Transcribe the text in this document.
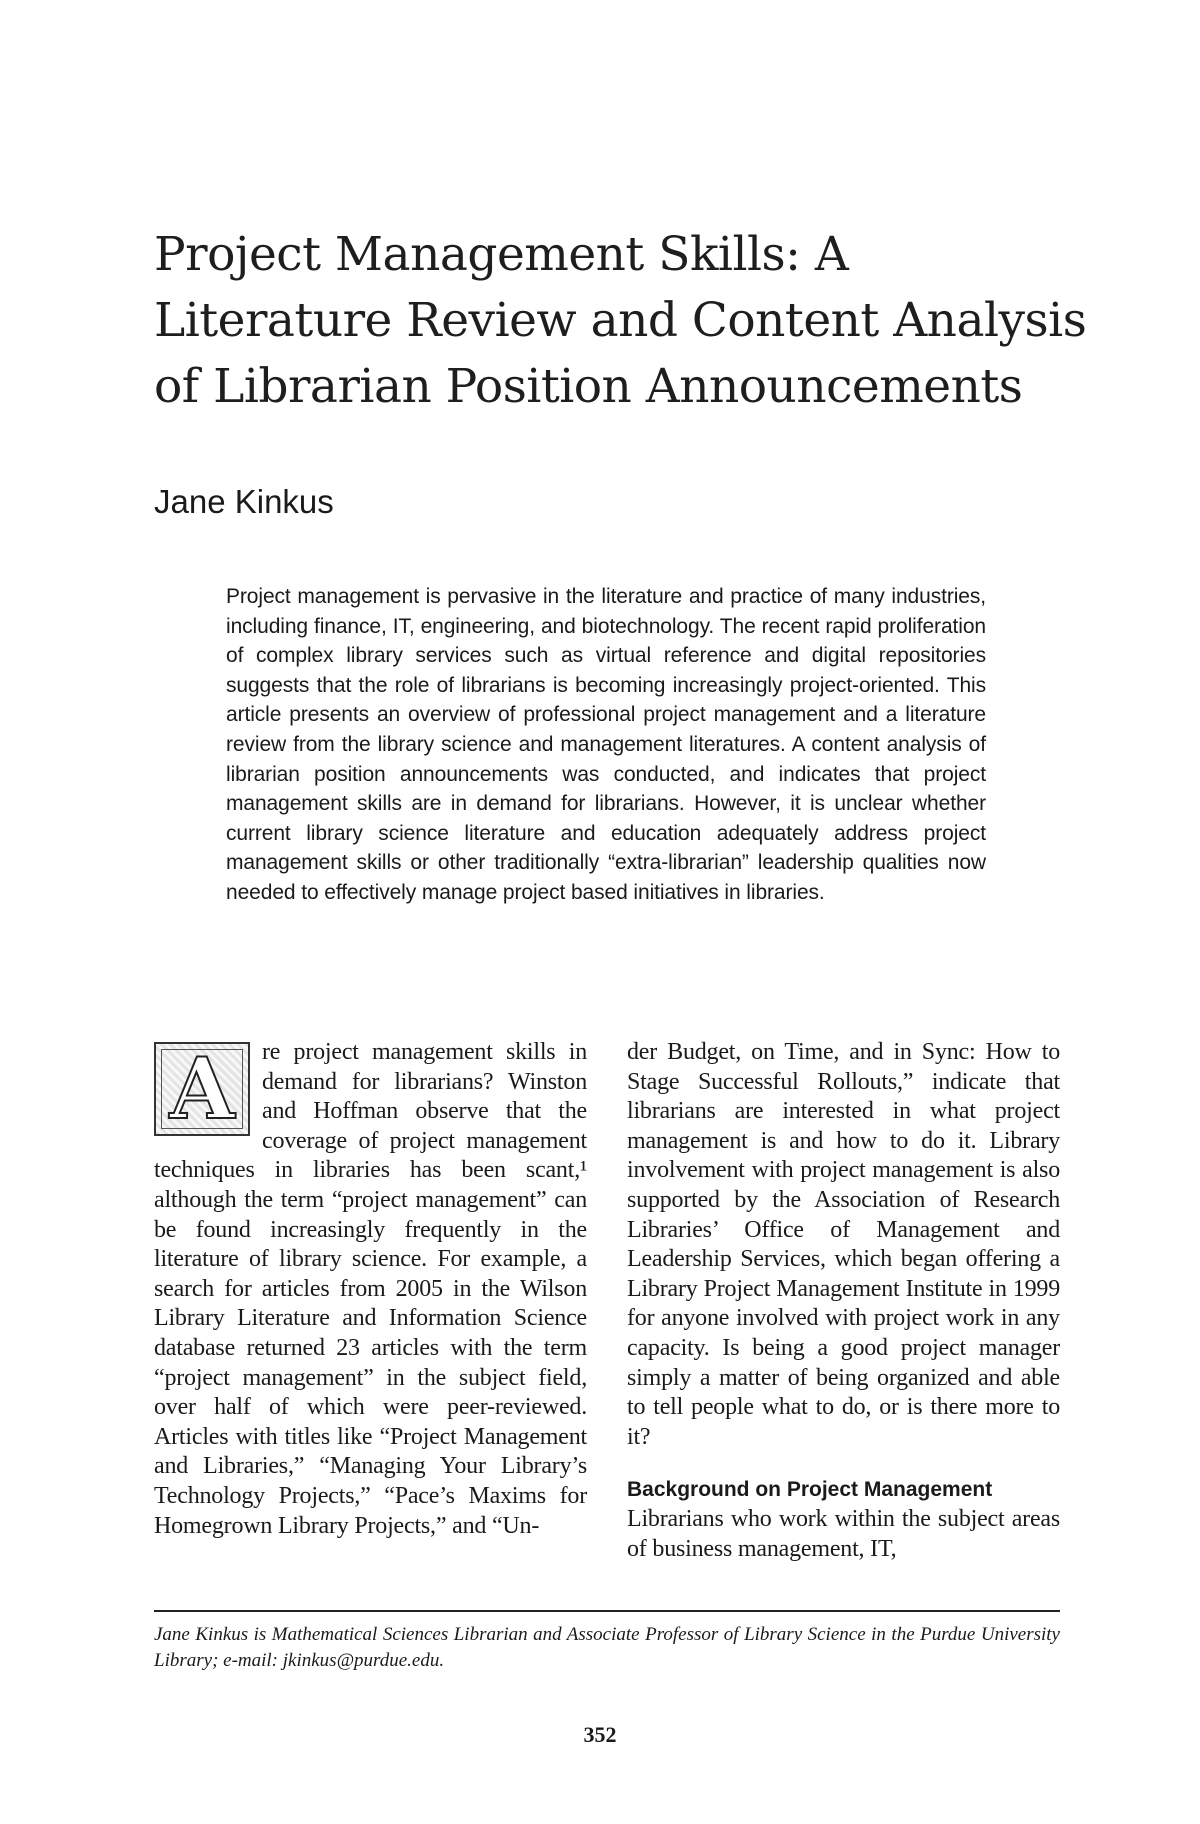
Project Management Skills: A Literature Review and Content Analysis of Librarian Position Announcements

Jane Kinkus

Project management is pervasive in the literature and practice of many industries, including finance, IT, engineering, and biotechnology. The recent rapid proliferation of complex library services such as virtual reference and digital repositories suggests that the role of librarians is becoming increasingly project-oriented. This article presents an overview of professional project management and a literature review from the library science and management literatures. A content analysis of librarian position announcements was conducted, and indicates that project management skills are in demand for librarians. However, it is unclear whether current library science literature and education adequately address project management skills or other traditionally “extra-librarian” leadership qualities now needed to effectively manage project based initiatives in libraries.

A	re project management skills in demand for librarians? Winston and Hoffman observe that the coverage of project management techniques in libraries has been scant,¹ although the term “project management” can be found increasingly frequently in the literature of library science. For example, a search for articles from 2005 in the Wilson Library Literature and Information Science database returned 23 articles with the term “project management” in the subject field, over half of which were peer-reviewed. Articles with titles like “Project Management and Libraries,” “Managing Your Library’s Technology Projects,” “Pace’s Maxims for Homegrown Library Projects,” and “Un-

der Budget, on Time, and in Sync: How to Stage Successful Rollouts,” indicate that librarians are interested in what project management is and how to do it. Library involvement with project management is also supported by the Association of Research Libraries’ Office of Management and Leadership Services, which began offering a Library Project Management Institute in 1999 for anyone involved with project work in any capacity. Is being a good project manager simply a matter of being organized and able to tell people what to do, or is there more to it?

Background on Project Management

Librarians who work within the subject areas of business management, IT,

Jane Kinkus is Mathematical Sciences Librarian and Associate Professor of Library Science in the Purdue University Library; e-mail: jkinkus@purdue.edu.

352
